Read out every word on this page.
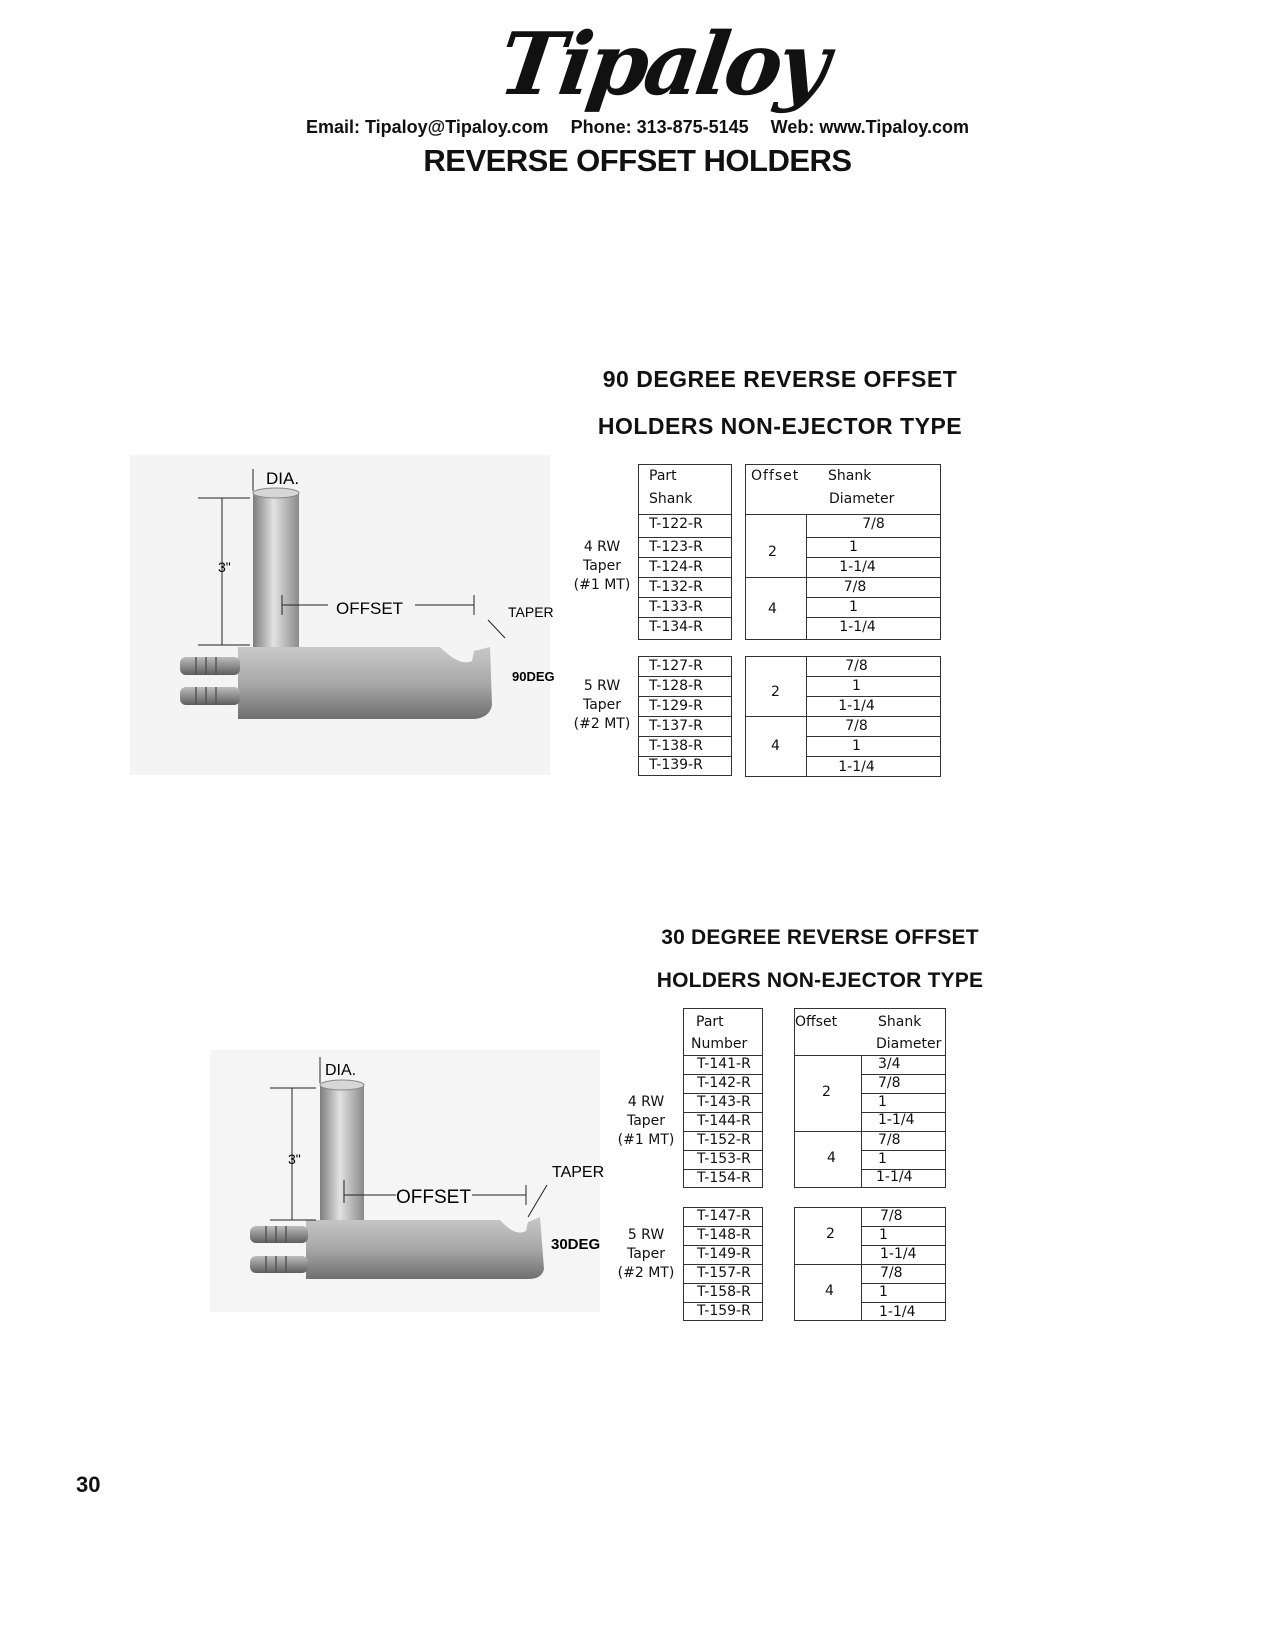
Tipaloy
Email: Tipaloy@Tipaloy.com Phone: 313-875-5145 Web: www.Tipaloy.com
REVERSE OFFSET HOLDERS
90 DEGREE REVERSE OFFSET
HOLDERS NON-EJECTOR TYPE
DIA.
3"
OFFSET	TAPER
90DEG
Part
Shank
Offset Shank
Diameter
4 RW
Taper
(#1 MT)
5 RW
Taper
(#2 MT)
T-122-R
T-123-R
T-124-R
T-132-R
T-133-R
T-134-R
T-127-R
T-128-R
T-129-R
T-137-R
T-138-R
T-139-R
2
4
2
4
7/8
1
1-1/4
7/8
1
1-1/4
7/8
1
1-1/4
7/8
1
1-1/4
30 DEGREE REVERSE OFFSET
HOLDERS NON-EJECTOR TYPE
DIA.
3"
OFFSET
TAPER
30DEG
Part
Number
Offset	Shank
Diameter
4 RW
Taper
(#1 MT)
5 RW
Taper
(#2 MT)
T-141-R
T-142-R
T-143-R
T-144-R
T-152-R
T-153-R
T-154-R
T-147-R
T-148-R
T-149-R
T-157-R
T-158-R
T-159-R
2
4
2
4
3/4
7/8
1
1-1/4
7/8
1
1-1/4
7/8
1
1-1/4
7/8
1
1-1/4
30
